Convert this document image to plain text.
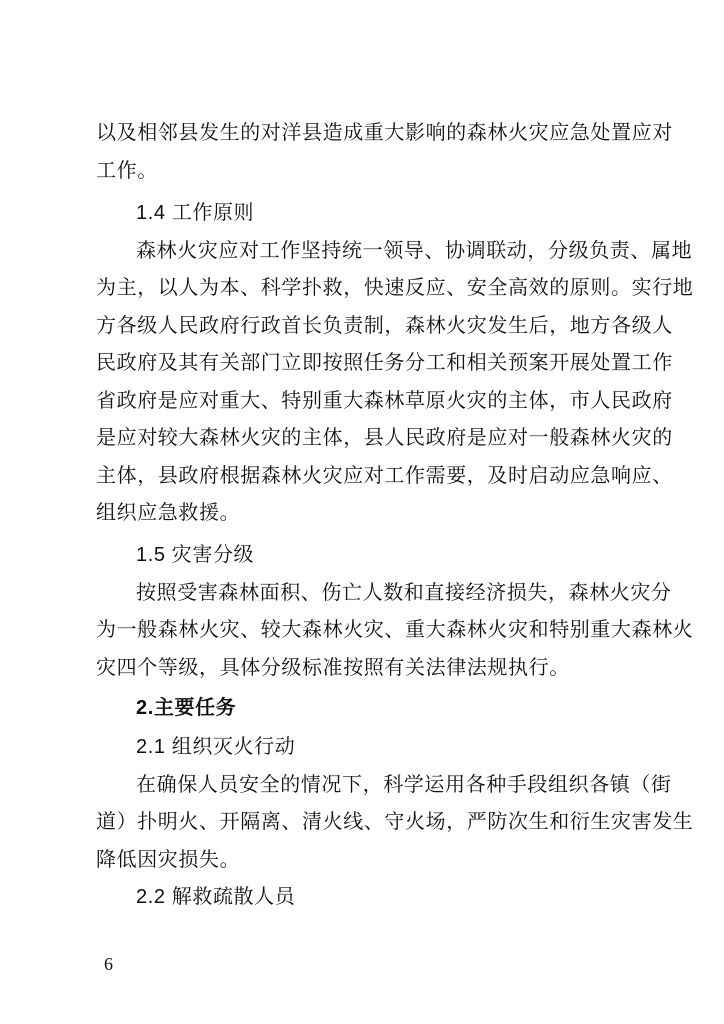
以及相邻县发生的对洋县造成重大影响的森林火灾应急处置应对
工作。
1.4 工作原则
森林火灾应对工作坚持统一领导、协调联动，分级负责、属地
为主，以人为本、科学扑救，快速反应、安全高效的原则。实行地
方各级人民政府行政首长负责制，森林火灾发生后，地方各级人
民政府及其有关部门立即按照任务分工和相关预案开展处置工作
省政府是应对重大、特别重大森林草原火灾的主体，市人民政府
是应对较大森林火灾的主体，县人民政府是应对一般森林火灾的
主体，县政府根据森林火灾应对工作需要，及时启动应急响应、
组织应急救援。
1.5 灾害分级
按照受害森林面积、伤亡人数和直接经济损失，森林火灾分
为一般森林火灾、较大森林火灾、重大森林火灾和特别重大森林火
灾四个等级，具体分级标准按照有关法律法规执行。
2.主要任务
2.1 组织灭火行动
在确保人员安全的情况下，科学运用各种手段组织各镇（街
道）扑明火、开隔离、清火线、守火场，严防次生和衍生灾害发生
降低因灾损失。
2.2 解救疏散人员
6
